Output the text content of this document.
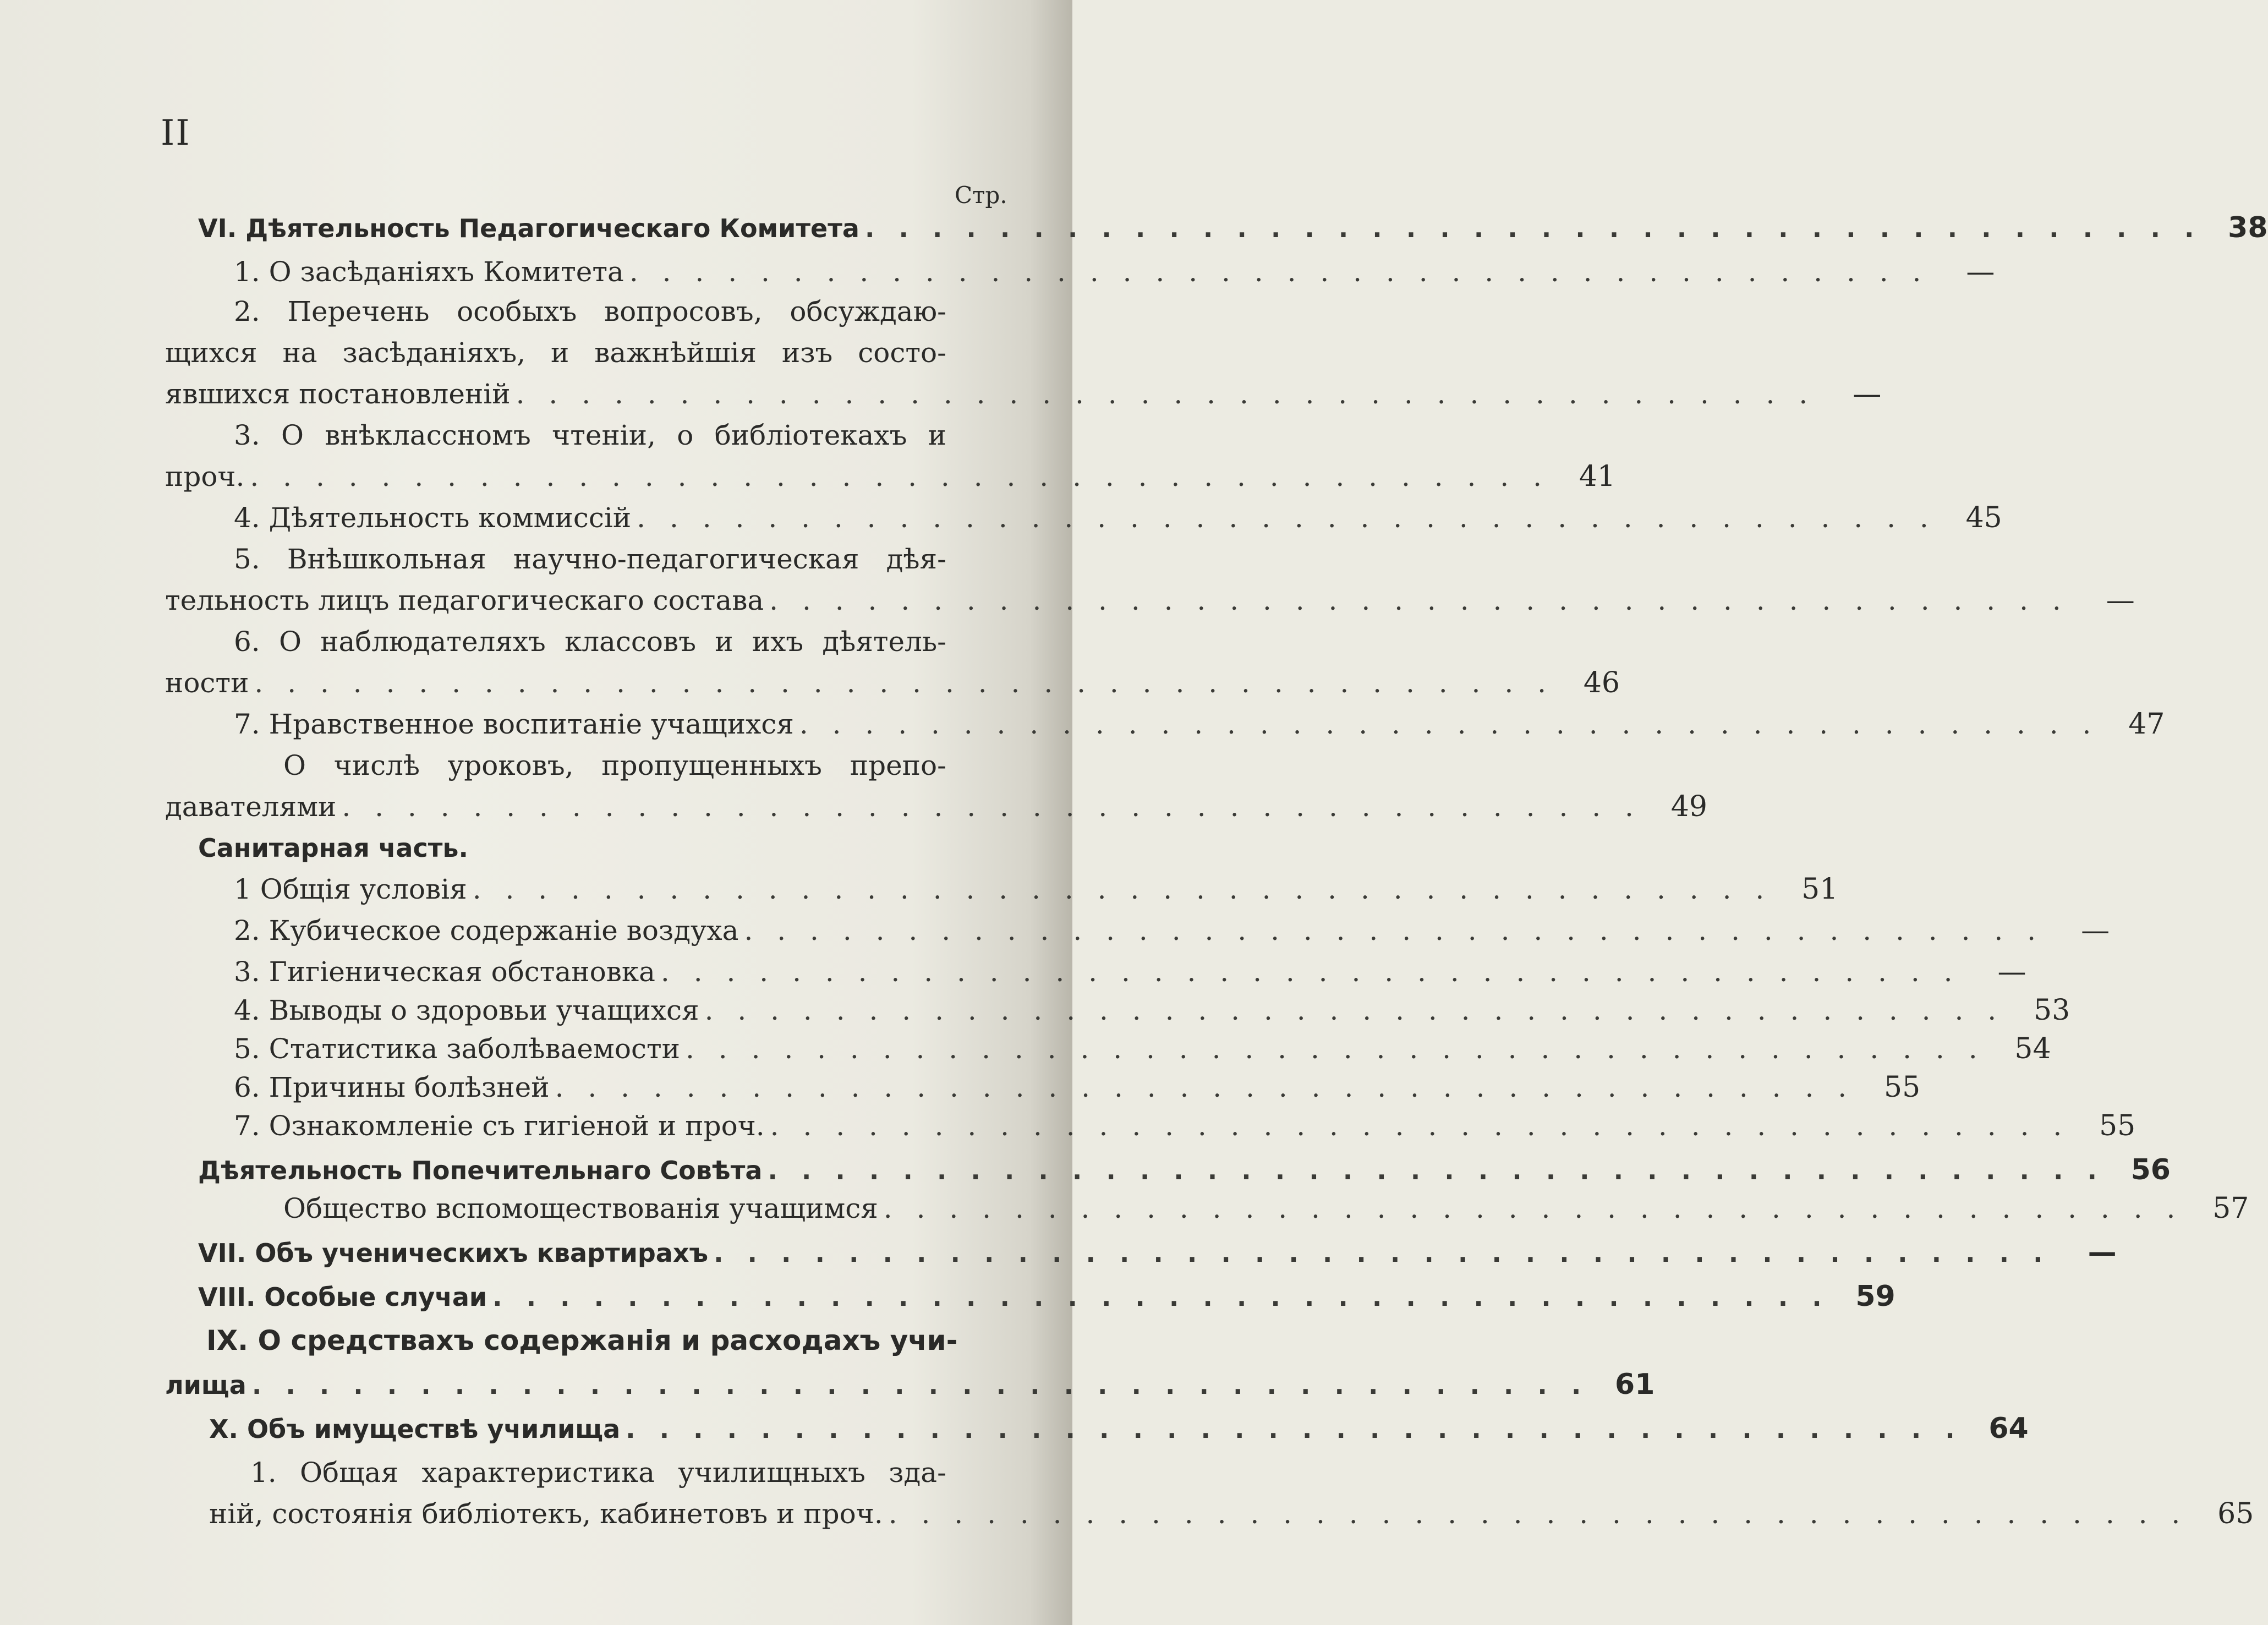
II
Стр.
VI. Дѣятельность Педагогическаго Комитета . . . . . . . . . . . . . . . . . . . . . . . . . . . . . . . . . . . . . . . . 38
1. О засѣданіяхъ Комитета . . . . . . . . . . . . . . . . . . . . . . . . . . . . . . . . . . . . . . . .	—
2. Перечень особыхъ вопросовъ, обсуждаю-
щихся на засѣданіяхъ, и важнѣйшія изъ состо-
явшихся постановленій . . . . . . . . . . . . . . . . . . . . . . . . . . . . . . . . . . . . . . . .	—
3. О внѣклассномъ чтеніи, о библіотекахъ и
проч. . . . . . . . . . . . . . . . . . . . . . . . . . . . . . . . . . . . . . . . .	41
4. Дѣятельность коммиссій . . . . . . . . . . . . . . . . . . . . . . . . . . . . . . . . . . . . . . . .	45
5. Внѣшкольная научно-педагогическая дѣя-
тельность лицъ педагогическаго состава . . . . . . . . . . . . . . . . . . . . . . . . . . . . . . . . . . . . . . . .	—
6. О наблюдателяхъ классовъ и ихъ дѣятель-
ности . . . . . . . . . . . . . . . . . . . . . . . . . . . . . . . . . . . . . . . .	46
7. Нравственное воспитаніе учащихся . . . . . . . . . . . . . . . . . . . . . . . . . . . . . . . . . . . . . . . .	47
О числѣ уроковъ, пропущенныхъ препо-
давателями . . . . . . . . . . . . . . . . . . . . . . . . . . . . . . . . . . . . . . . .	49
Санитарная часть.
1 Общія условія . . . . . . . . . . . . . . . . . . . . . . . . . . . . . . . . . . . . . . . .	51
2. Кубическое содержаніе воздуха . . . . . . . . . . . . . . . . . . . . . . . . . . . . . . . . . . . . . . . .	—
3. Гигіеническая обстановка . . . . . . . . . . . . . . . . . . . . . . . . . . . . . . . . . . . . . . . .	—
4. Выводы о здоровьи учащихся . . . . . . . . . . . . . . . . . . . . . . . . . . . . . . . . . . . . . . . .	53
5. Статистика заболѣваемости . . . . . . . . . . . . . . . . . . . . . . . . . . . . . . . . . . . . . . . .	54
6. Причины болѣзней . . . . . . . . . . . . . . . . . . . . . . . . . . . . . . . . . . . . . . . .	55
7. Ознакомленіе съ гигіеной и проч. . . . . . . . . . . . . . . . . . . . . . . . . . . . . . . . . . . . . . . . .	55
Дѣятельность Попечительнаго Совѣта . . . . . . . . . . . . . . . . . . . . . . . . . . . . . . . . . . . . . . . . 56
Общество вспомоществованія учащимся . . . . . . . . . . . . . . . . . . . . . . . . . . . . . . . . . . . . . . . .	57
VII. Объ ученическихъ квартирахъ . . . . . . . . . . . . . . . . . . . . . . . . . . . . . . . . . . . . . . . .	—
VIII. Особые случаи . . . . . . . . . . . . . . . . . . . . . . . . . . . . . . . . . . . . . . . . 59
IX. О средствахъ содержанія и расходахъ учи-
лища . . . . . . . . . . . . . . . . . . . . . . . . . . . . . . . . . . . . . . . . 61
X. Объ имуществѣ училища . . . . . . . . . . . . . . . . . . . . . . . . . . . . . . . . . . . . . . . . 64
1. Общая характеристика училищныхъ зда-
ній, состоянія библіотекъ, кабинетовъ и проч. . . . . . . . . . . . . . . . . . . . . . . . . . . . . . . . . . . . . . . . .	65
